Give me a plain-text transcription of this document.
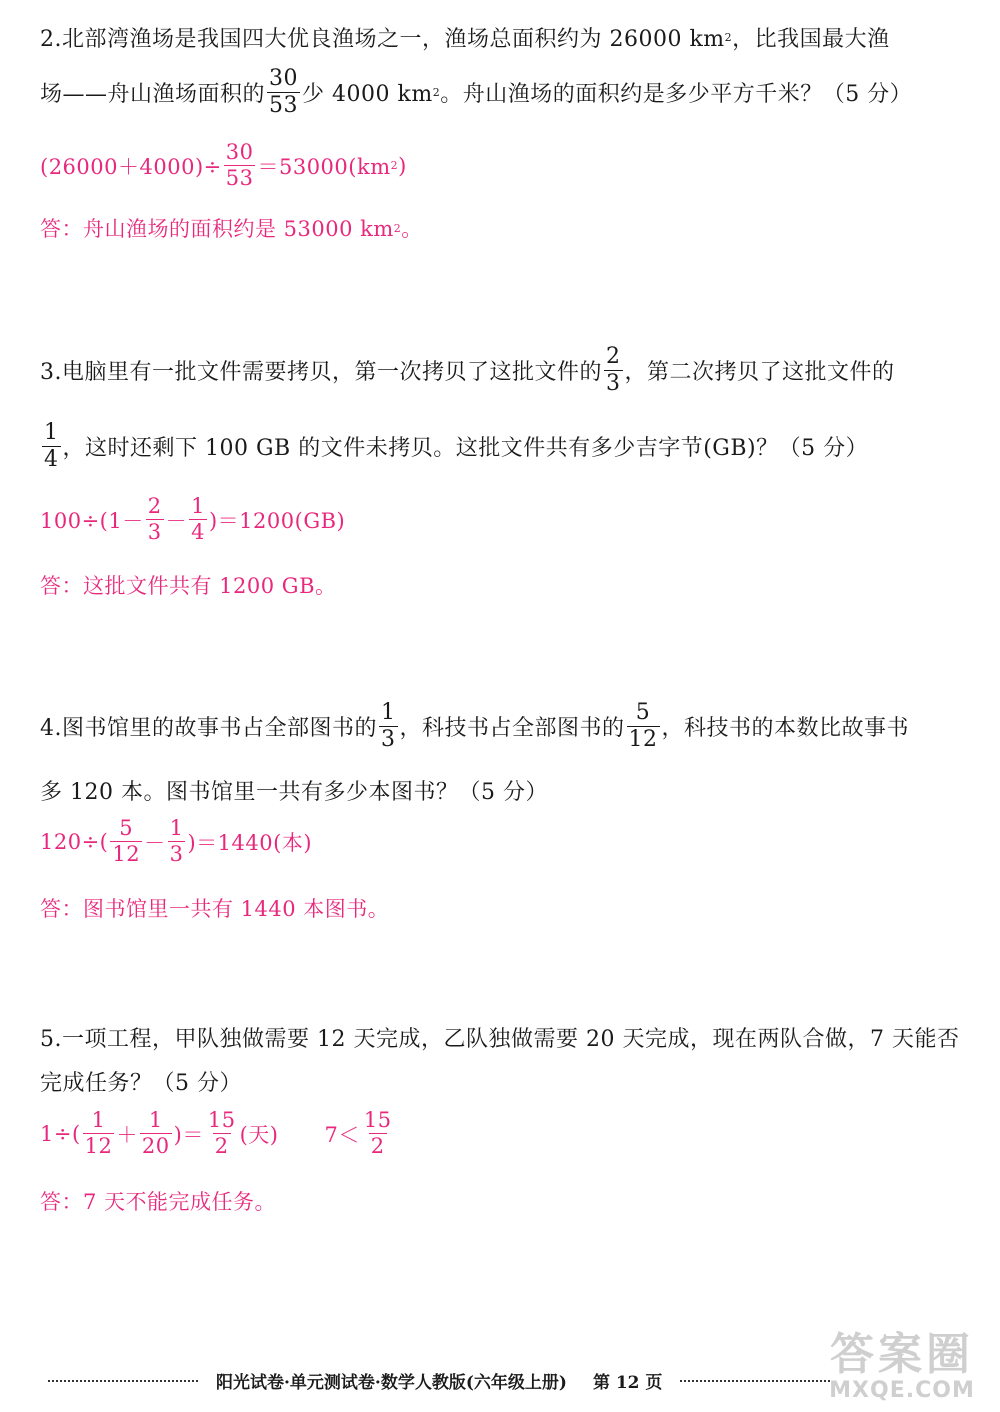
2.北部湾渔场是我国四大优良渔场之一，渔场总面积约为 26000 km 2 ，比我国最大渔
场——舟山渔场面积的 $\frac{30}{53}$ 少 4000 km 2 。舟山渔场的面积约是多少平方千米？（5 分）
$(26000+4000)\div \frac{30}{53} =53000(km$ 2 )
答：舟山渔场的面积约是 53000 km 2 。
3.电脑里有一批文件需要拷贝，第一次拷贝了这批文件的 $\frac{2}{3}$ ，第二次拷贝了这批文件的
$\frac{1}{4}$ ，这时还剩下 100 GB 的文件未拷贝。这批文件共有多少吉字节(GB)？（5 分）
$100\div(1- \frac{2}{3} - \frac{1}{4} )=1200(GB)$
答：这批文件共有 1200 GB。
4.图书馆里的故事书占全部图书的 $\frac{1}{3}$ ，科技书占全部图书的 $\frac{5}{12}$ ，科技书的本数比故事书
多 120 本。图书馆里一共有多少本图书？（5 分）
$120\div( \frac{5}{12} - \frac{1}{3} )=1440$(本)
答：图书馆里一共有 1440 本图书。
5.一项工程，甲队独做需要 12 天完成，乙队独做需要 20 天完成，现在两队合做，7 天能否
完成任务？（5 分）
$1\div( \frac{1}{12} + \frac{1}{20}$ )＝ $\frac{15}{2}$ (天) $7< \frac{15}{2}$
答：7 天不能完成任务。
阳光试卷·单元测试卷·数学人教版(六年级上册) 第 12 页
答案圈
MXQE.COM
